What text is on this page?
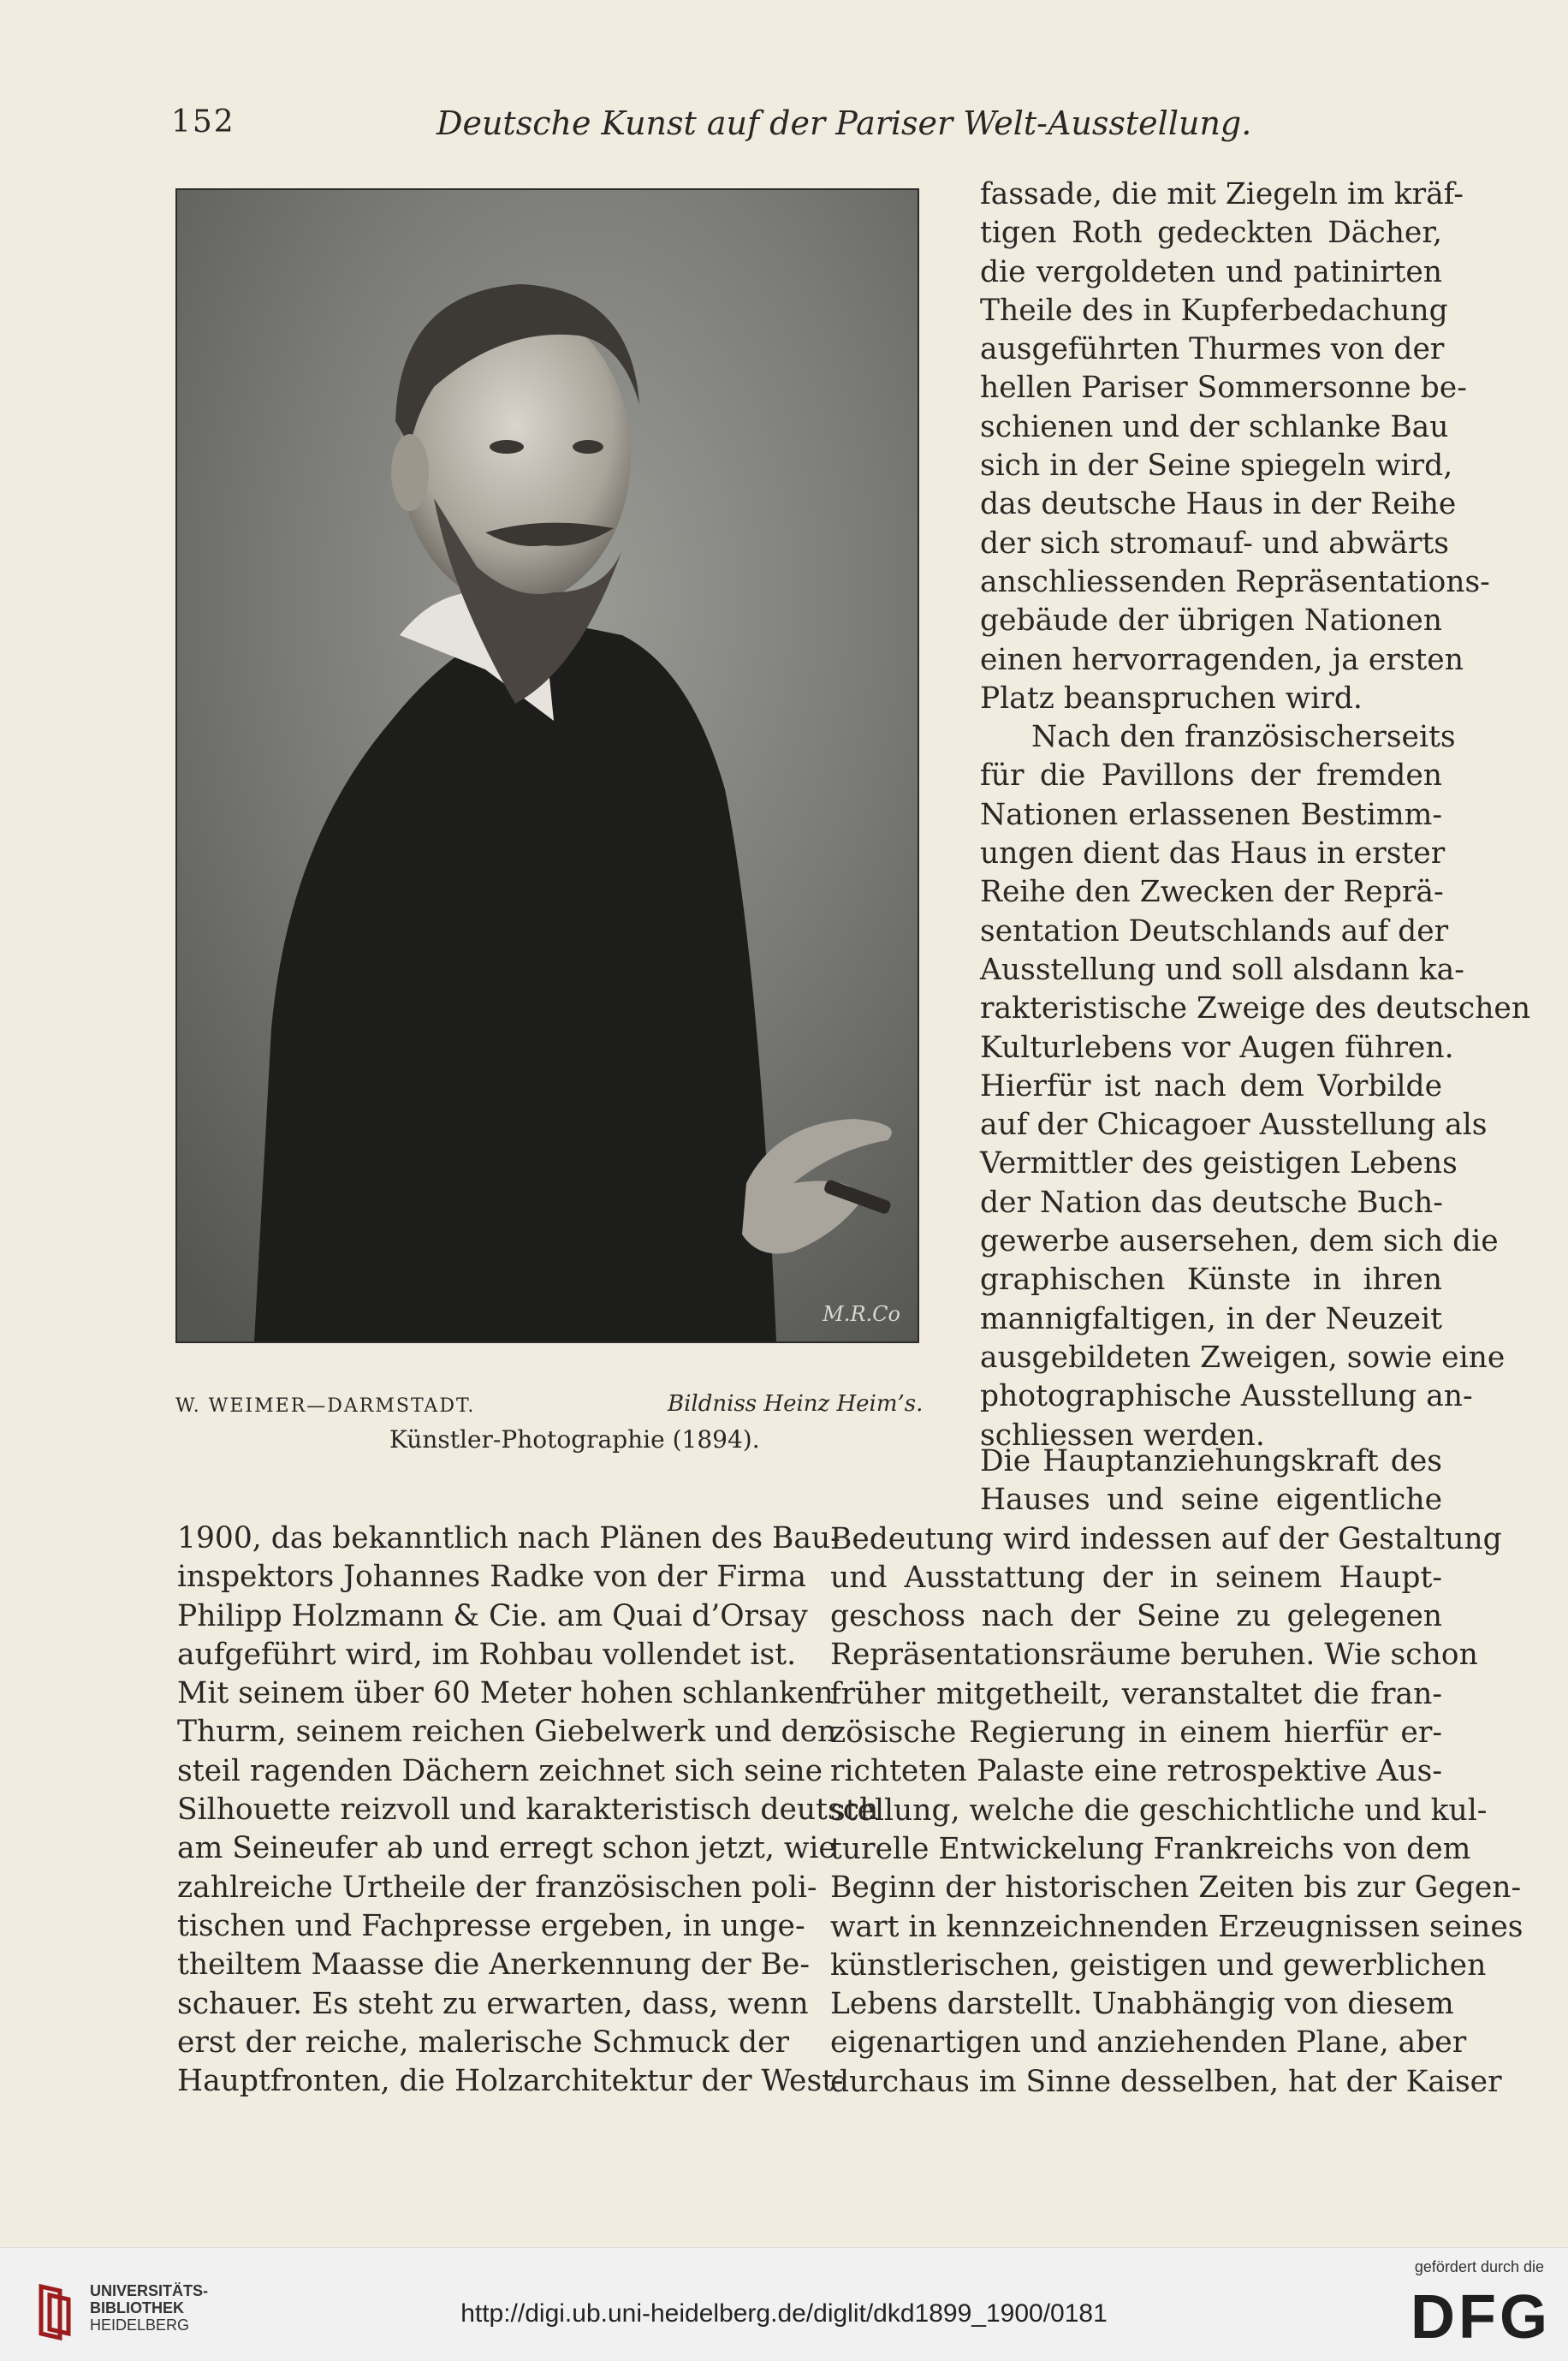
152	Deutsche Kunst auf der Pariser Welt-Ausstellung.
M.R.Co
W. WEIMER—DARMSTADT.	Bildniss Heinz Heim’s.
Künstler-Photographie (1894).
fassade, die mit Ziegeln im kräf-
tigen Roth gedeckten Dächer,
die vergoldeten und patinirten
Theile des in Kupferbedachung
ausgeführten Thurmes von der
hellen Pariser Sommersonne be-
schienen und der schlanke Bau
sich in der Seine spiegeln wird,
das deutsche Haus in der Reihe
der sich stromauf- und abwärts
anschliessenden Repräsentations-
gebäude der übrigen Nationen
einen hervorragenden, ja ersten
Platz beanspruchen wird.
Nach den französischerseits
für die Pavillons der fremden
Nationen erlassenen Bestimm-
ungen dient das Haus in erster
Reihe den Zwecken der Reprä-
sentation Deutschlands auf der
Ausstellung und soll alsdann ka-
rakteristische Zweige des deutschen
Kulturlebens vor Augen führen.
Hierfür ist nach dem Vorbilde
auf der Chicagoer Ausstellung als
Vermittler des geistigen Lebens
der Nation das deutsche Buch-
gewerbe ausersehen, dem sich die
graphischen Künste in ihren
mannigfaltigen, in der Neuzeit
ausgebildeten Zweigen, sowie eine
photographische Ausstellung an-
schliessen werden.
Die Hauptanziehungskraft des
Hauses und seine eigentliche
Bedeutung wird indessen auf der Gestaltung
und Ausstattung der in seinem Haupt-
geschoss nach der Seine zu gelegenen
Repräsentationsräume beruhen. Wie schon
früher mitgetheilt, veranstaltet die fran-
zösische Regierung in einem hierfür er-
richteten Palaste eine retrospektive Aus-
stellung, welche die geschichtliche und kul-
turelle Entwickelung Frankreichs von dem
Beginn der historischen Zeiten bis zur Gegen-
wart in kennzeichnenden Erzeugnissen seines
künstlerischen, geistigen und gewerblichen
Lebens darstellt. Unabhängig von diesem
eigenartigen und anziehenden Plane, aber
durchaus im Sinne desselben, hat der Kaiser
1900, das bekanntlich nach Plänen des Bau-
inspektors Johannes Radke von der Firma
Philipp Holzmann & Cie. am Quai d’Orsay
aufgeführt wird, im Rohbau vollendet ist.
Mit seinem über 60 Meter hohen schlanken
Thurm, seinem reichen Giebelwerk und den
steil ragenden Dächern zeichnet sich seine
Silhouette reizvoll und karakteristisch deutsch
am Seineufer ab und erregt schon jetzt, wie
zahlreiche Urtheile der französischen poli-
tischen und Fachpresse ergeben, in unge-
theiltem Maasse die Anerkennung der Be-
schauer. Es steht zu erwarten, dass, wenn
erst der reiche, malerische Schmuck der
Hauptfronten, die Holzarchitektur der West-
UNIVERSITÄTS-
BIBLIOTHEK
HEIDELBERG	http://digi.ub.uni-heidelberg.de/diglit/dkd1899_1900/0181
gefördert durch die
DFG
